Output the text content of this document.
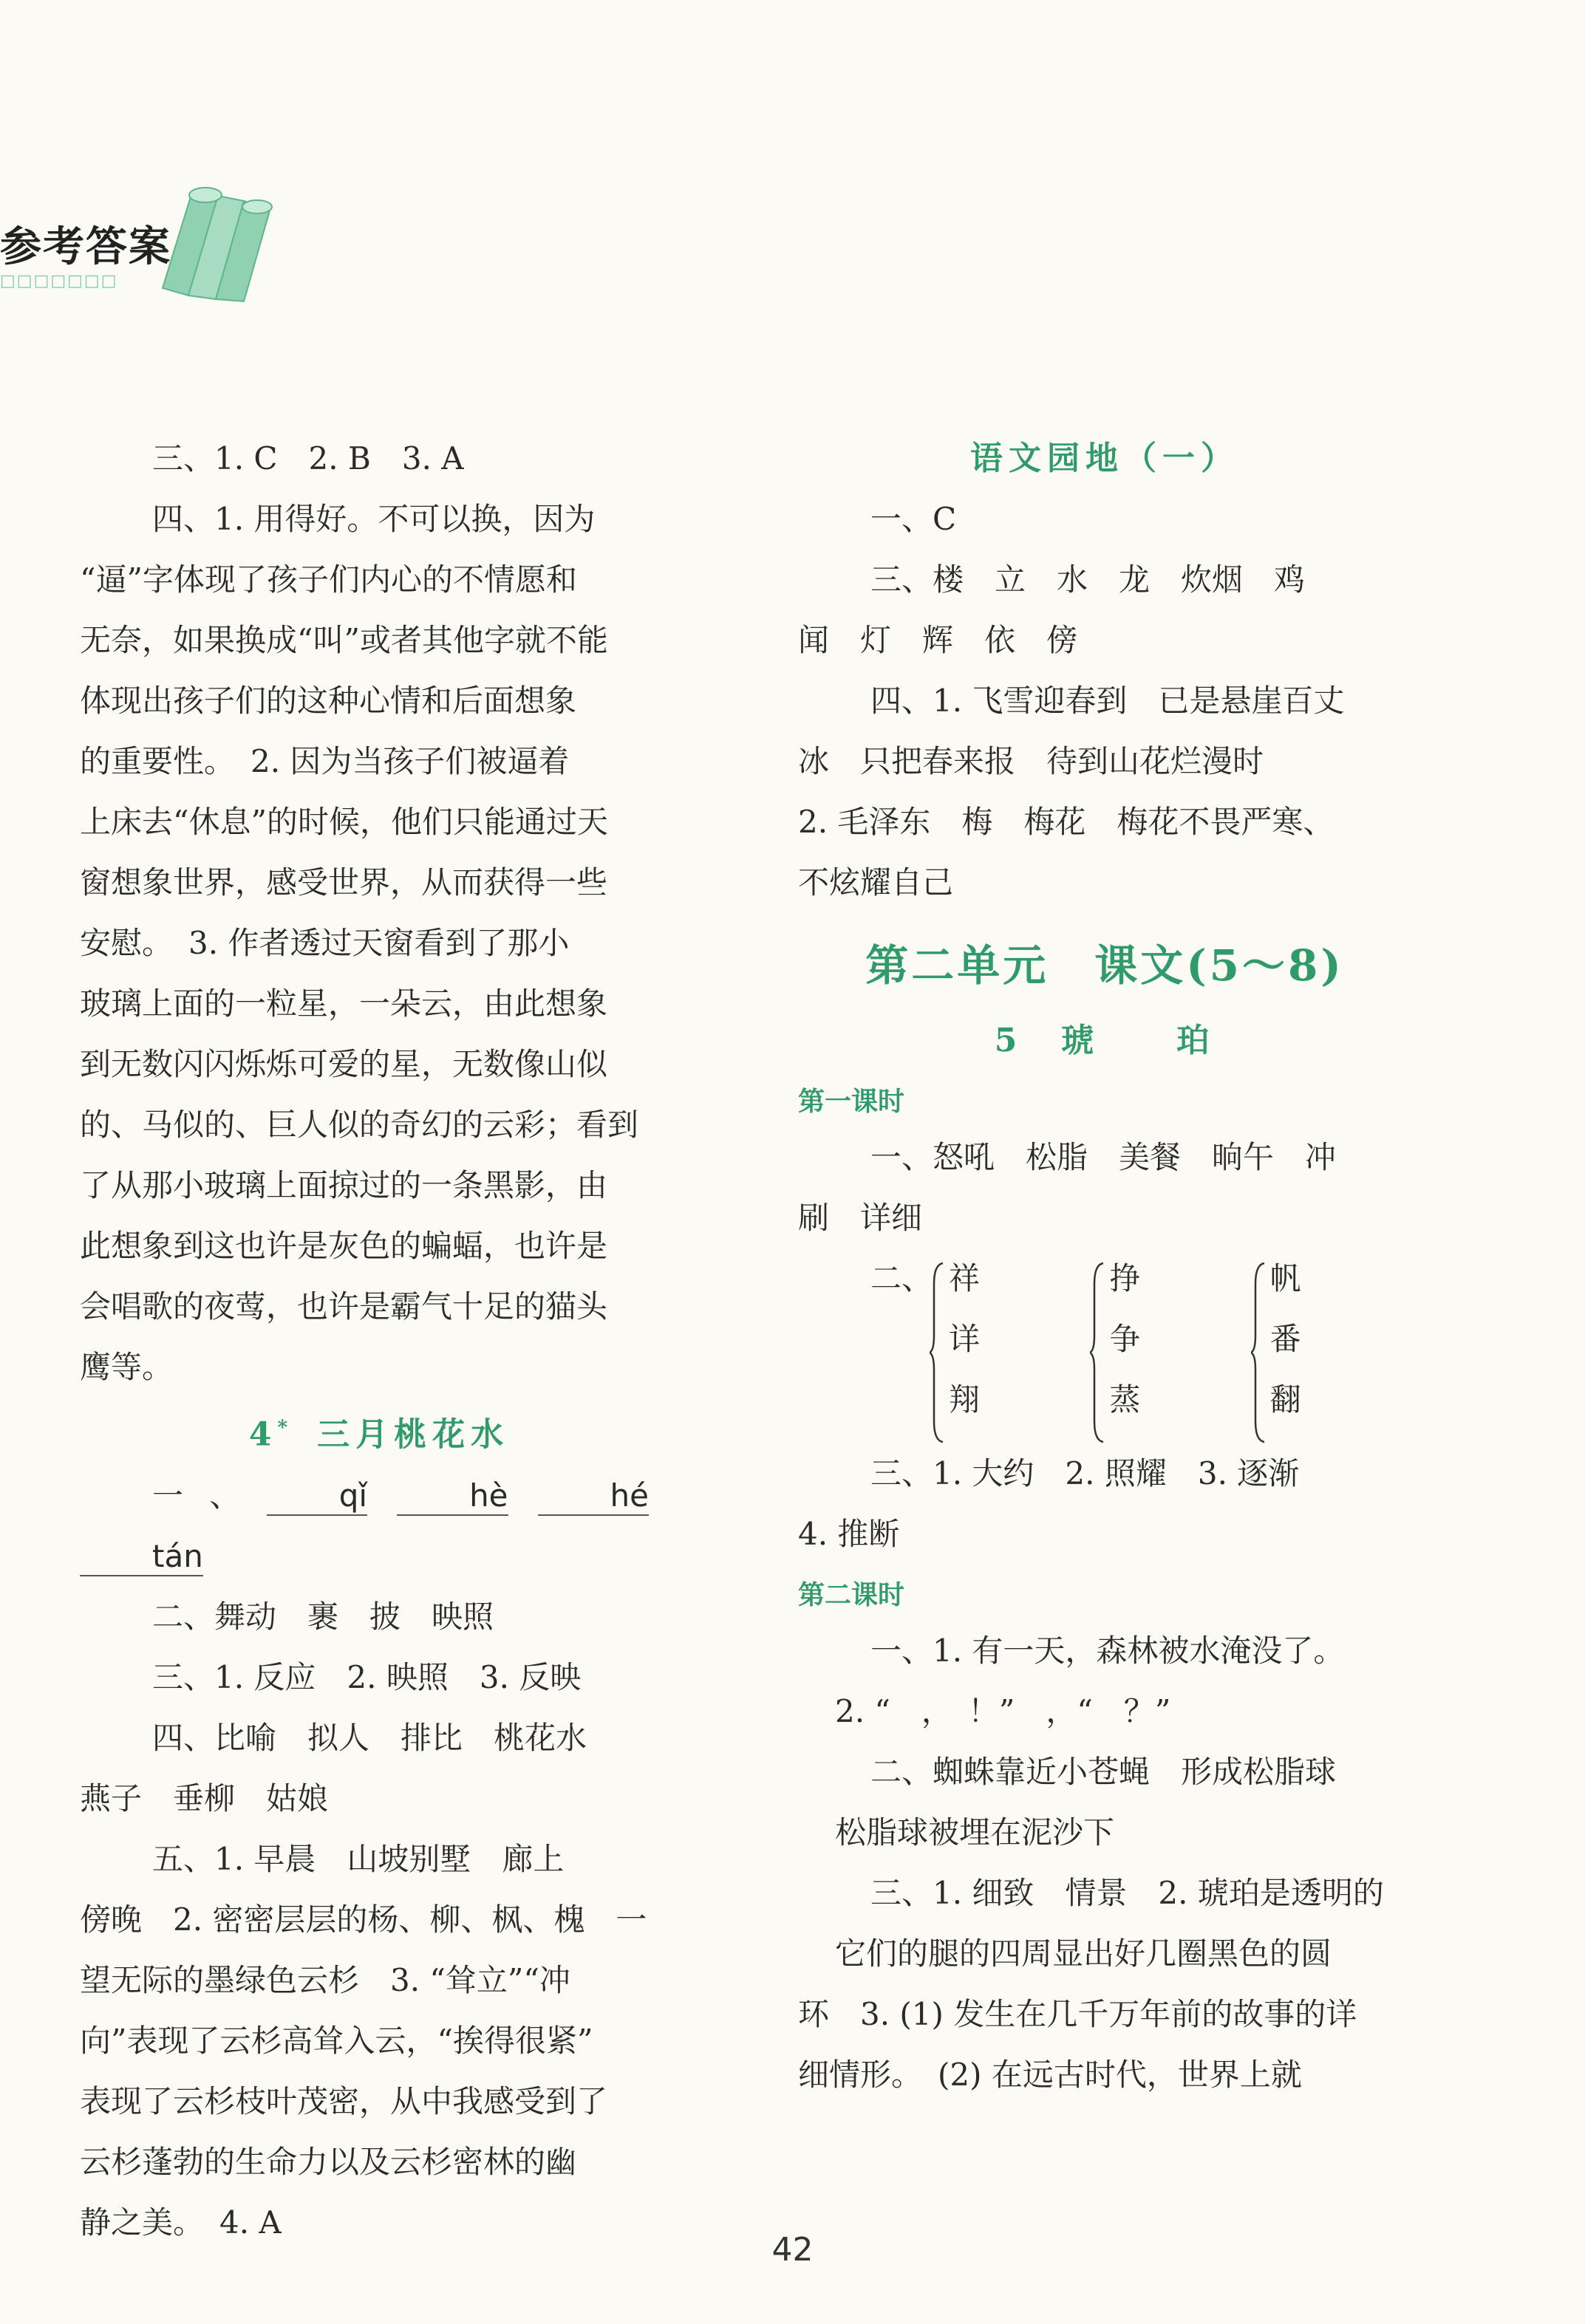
参考答案
□□□□□□□

三、1. C　2. B　3. A

四、1. 用得好。不可以换，因为
“逼”字体现了孩子们内心的不情愿和
无奈，如果换成“叫”或者其他字就不能
体现出孩子们的这种心情和后面想象
的重要性。　2. 因为当孩子们被逼着
上床去“休息”的时候，他们只能通过天
窗想象世界，感受世界，从而获得一些
安慰。　3. 作者透过天窗看到了那小
玻璃上面的一粒星，一朵云，由此想象
到无数闪闪烁烁可爱的星，无数像山似
的、马似的、巨人似的奇幻的云彩；看到
了从那小玻璃上面掠过的一条黑影，由
此想象到这也许是灰色的蝙蝠，也许是
会唱歌的夜莺，也许是霸气十足的猫头
鹰等。

4* 三月桃花水

一、 qǐ	hè	hétán

二、舞动　裹　披　映照

三、1. 反应　2. 映照　3. 反映

四、比喻　拟人　排比　桃花水
燕子　垂柳　姑娘

五、1. 早晨　山坡别墅　廊上
傍晚　2. 密密层层的杨、柳、枫、槐　一
望无际的墨绿色云杉　3. “耸立”“冲
向”表现了云杉高耸入云，“挨得很紧”
表现了云杉枝叶茂密，从中我感受到了
云杉蓬勃的生命力以及云杉密林的幽
静之美。　4. A

语文园地（一）

一、C

三、楼　立　水　龙　炊烟　鸡
闻　灯　辉　依　傍

四、1. 飞雪迎春到　已是悬崖百丈
冰　只把春来报　待到山花烂漫时
2. 毛泽东　梅　梅花　梅花不畏严寒、
不炫耀自己

第二单元　课文(5～8)

5　琥　　珀

第一课时

一、怒吼　松脂　美餐　晌午　冲
刷　详细

二、 祥
详
翔
挣
争
蒸
帆
番
翻

三、1. 大约　2. 照耀　3. 逐渐
4. 推断

第二课时

一、1. 有一天，森林被水淹没了。
2. “　，　！”　，“　？”

二、蜘蛛靠近小苍蝇　形成松脂球
松脂球被埋在泥沙下

三、1. 细致　情景　2. 琥珀是透明的
它们的腿的四周显出好几圈黑色的圆
环　3. (1) 发生在几千万年前的故事的详
细情形。　(2) 在远古时代，世界上就

42
